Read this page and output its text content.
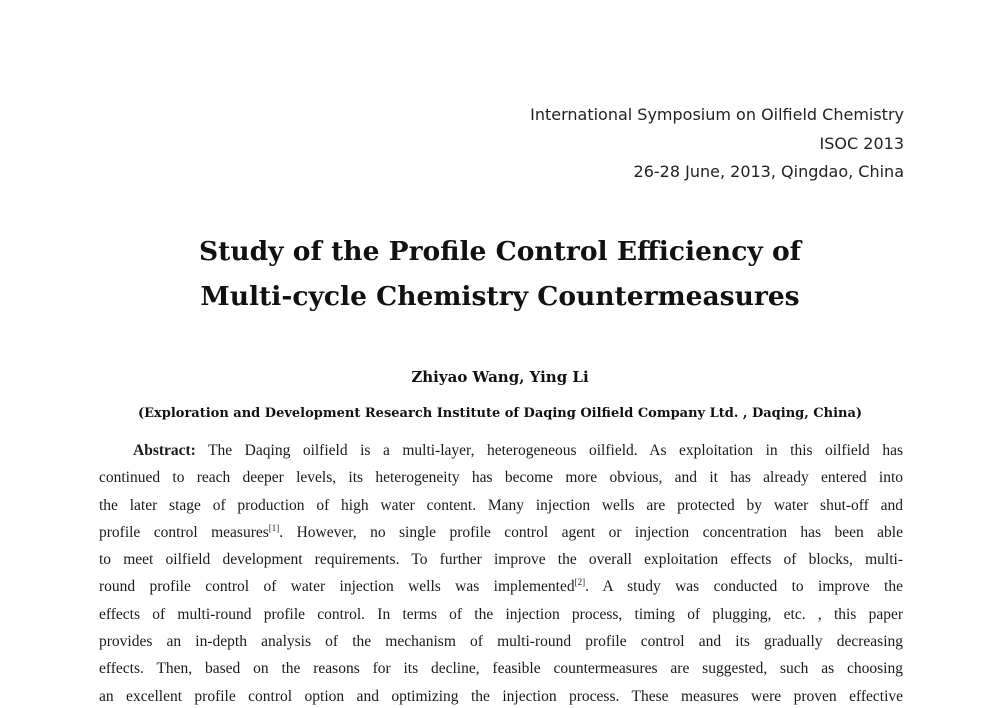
International Symposium on Oilfield Chemistry
ISOC 2013
26-28 June, 2013, Qingdao, China
Study of the Profile Control Efficiency of
Multi-cycle Chemistry Countermeasures
Zhiyao Wang, Ying Li
(Exploration and Development Research Institute of Daqing Oilfield Company Ltd. , Daqing, China)
Abstract: The Daqing oilfield is a multi-layer, heterogeneous oilfield. As exploitation in this oilfield has
continued to reach deeper levels, its heterogeneity has become more obvious, and it has already entered into
the later stage of production of high water content. Many injection wells are protected by water shut-off and
profile control measures[1]. However, no single profile control agent or injection concentration has been able
to meet oilfield development requirements. To further improve the overall exploitation effects of blocks, multi-
round profile control of water injection wells was implemented[2]. A study was conducted to improve the
effects of multi-round profile control. In terms of the injection process, timing of plugging, etc. , this paper
provides an in-depth analysis of the mechanism of multi-round profile control and its gradually decreasing
effects. Then, based on the reasons for its decline, feasible countermeasures are suggested, such as choosing
an excellent profile control option and optimizing the injection process. These measures were proven effective
